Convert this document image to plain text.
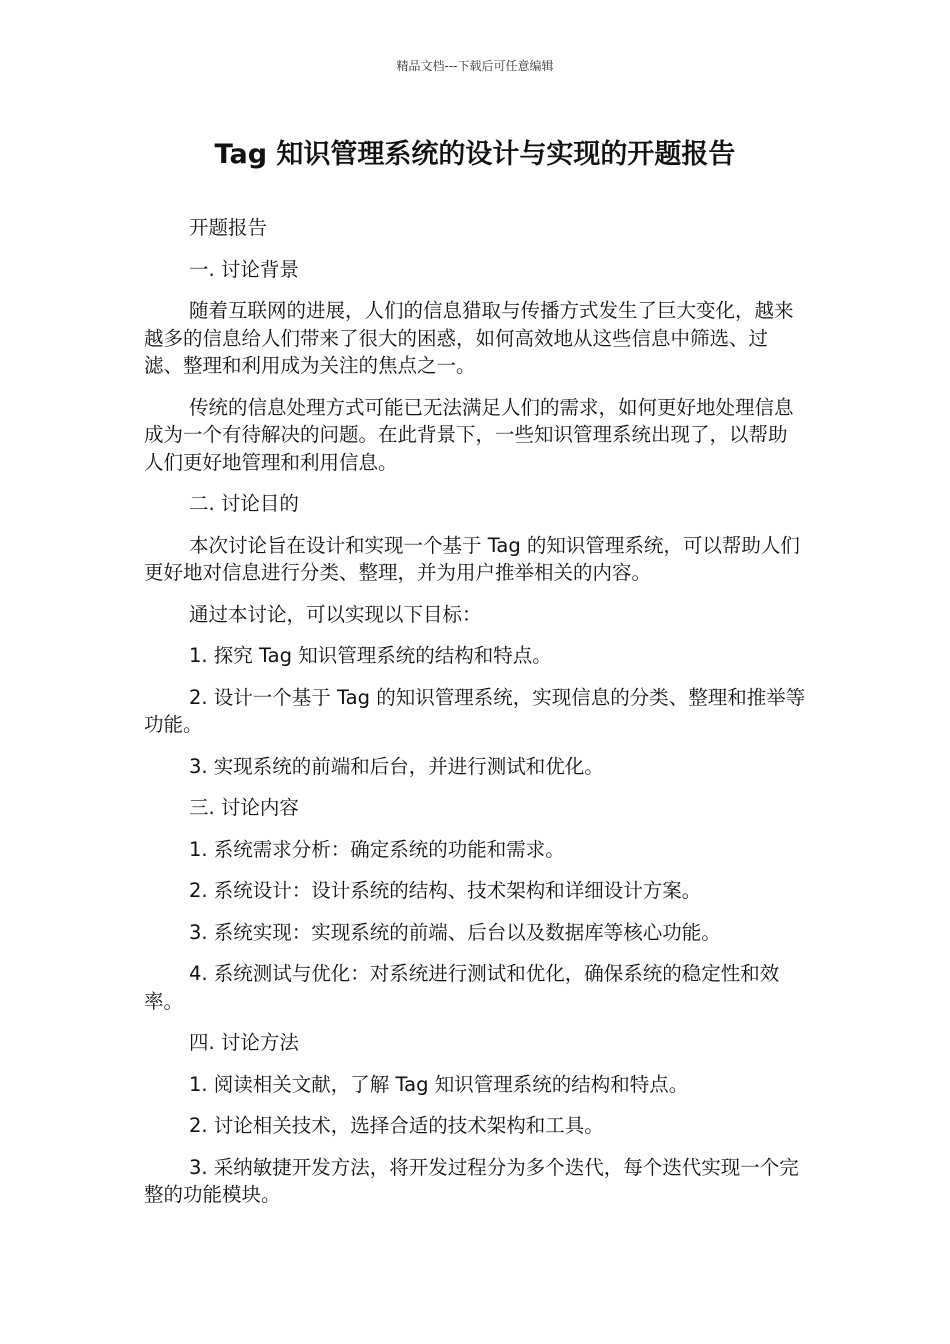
精品文档---下载后可任意编辑
Tag 知识管理系统的设计与实现的开题报告

开题报告

一. 讨论背景

随着互联网的进展，人们的信息猎取与传播方式发生了巨大变化，越来越多的信息给人们带来了很大的困惑，如何高效地从这些信息中筛选、过滤、整理和利用成为关注的焦点之一。

传统的信息处理方式可能已无法满足人们的需求，如何更好地处理信息成为一个有待解决的问题。在此背景下，一些知识管理系统出现了，以帮助人们更好地管理和利用信息。

二. 讨论目的

本次讨论旨在设计和实现一个基于 Tag 的知识管理系统，可以帮助人们更好地对信息进行分类、整理，并为用户推举相关的内容。

通过本讨论，可以实现以下目标：

1. 探究 Tag 知识管理系统的结构和特点。

2. 设计一个基于 Tag 的知识管理系统，实现信息的分类、整理和推举等功能。

3. 实现系统的前端和后台，并进行测试和优化。

三. 讨论内容

1. 系统需求分析：确定系统的功能和需求。

2. 系统设计：设计系统的结构、技术架构和详细设计方案。

3. 系统实现：实现系统的前端、后台以及数据库等核心功能。

4. 系统测试与优化：对系统进行测试和优化，确保系统的稳定性和效率。

四. 讨论方法

1. 阅读相关文献，了解 Tag 知识管理系统的结构和特点。

2. 讨论相关技术，选择合适的技术架构和工具。

3. 采纳敏捷开发方法，将开发过程分为多个迭代，每个迭代实现一个完整的功能模块。
